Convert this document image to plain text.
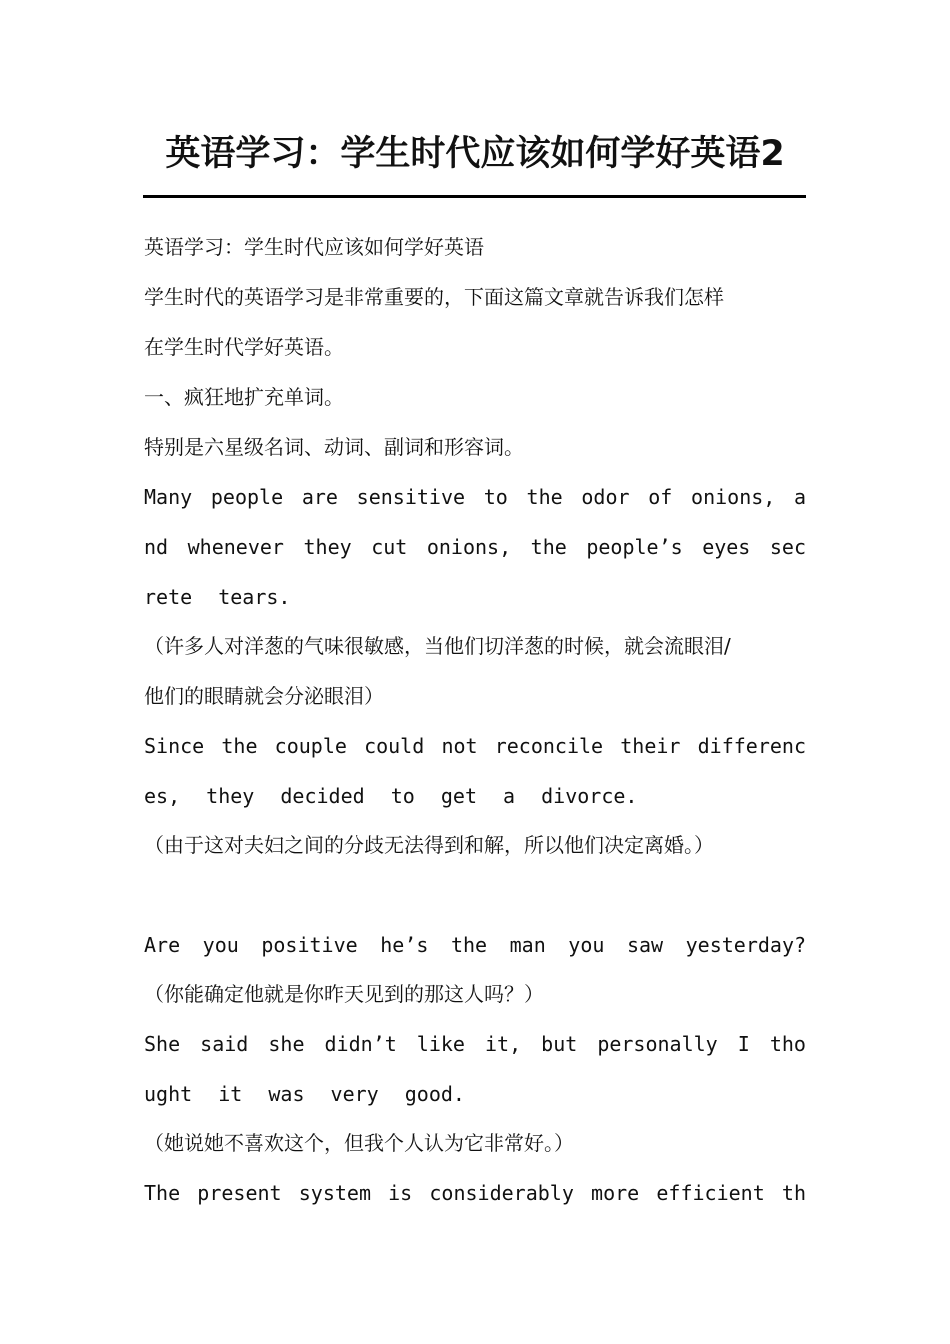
英语学习：学生时代应该如何学好英语2
英语学习：学生时代应该如何学好英语
学生时代的英语学习是非常重要的，下面这篇文章就告诉我们怎样
在学生时代学好英语。
一、疯狂地扩充单词。
特别是六星级名词、动词、副词和形容词。
Many people are sensitive to the odor of onions, a
nd whenever they cut onions, the people’s eyes sec
rete tears.
（许多人对洋葱的气味很敏感，当他们切洋葱的时候，就会流眼泪/
他们的眼睛就会分泌眼泪）
Since the couple could not reconcile their differenc
es, they decided to get a divorce.
（由于这对夫妇之间的分歧无法得到和解，所以他们决定离婚。）
Are you positive he’s the man you saw yesterday?
（你能确定他就是你昨天见到的那这人吗？）
She said she didn’t like it, but personally I tho
ught it was very good.
（她说她不喜欢这个，但我个人认为它非常好。）
The present system is considerably more efficient th
